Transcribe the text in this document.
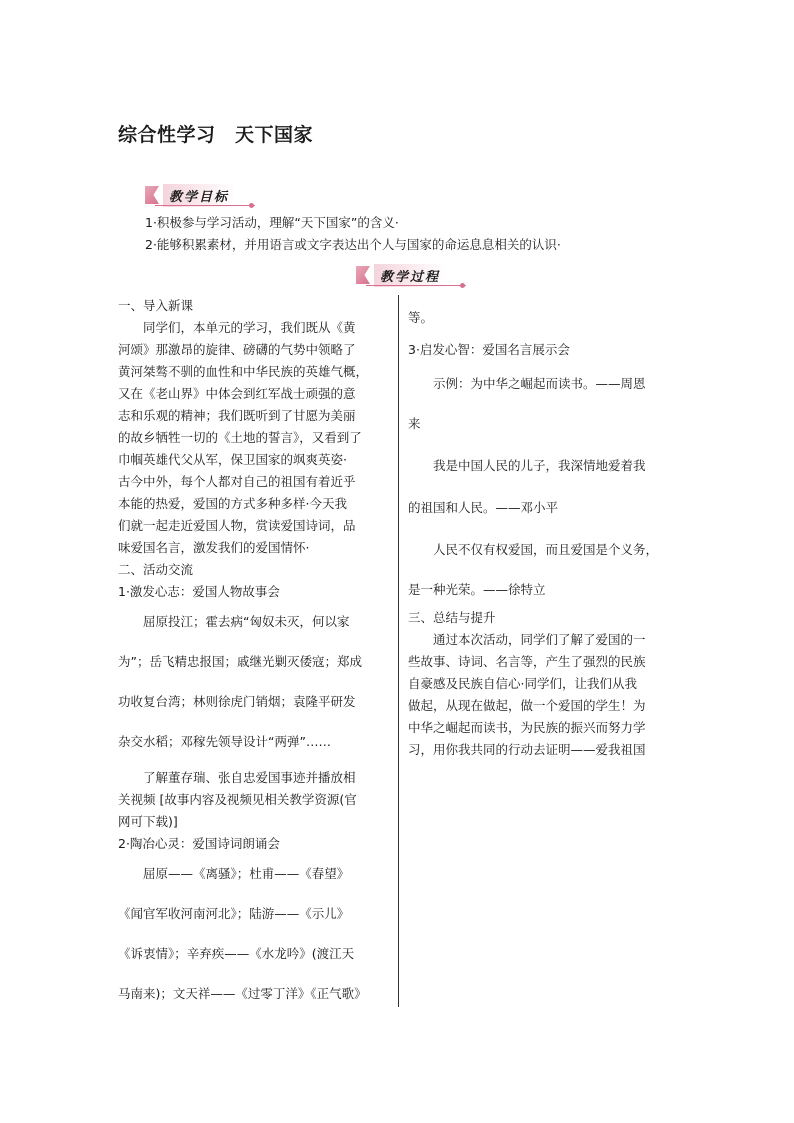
综合性学习　天下国家
教学目标
1·积极参与学习活动，理解“天下国家”的含义·
2·能够积累素材，并用语言或文字表达出个人与国家的命运息息相关的认识·
教学过程
一、导入新课
　　同学们，本单元的学习，我们既从《黄
河颂》那激昂的旋律、磅礴的气势中领略了
黄河桀骜不驯的血性和中华民族的英雄气概，
又在《老山界》中体会到红军战士顽强的意
志和乐观的精神；我们既听到了甘愿为美丽
的故乡牺牲一切的《土地的誓言》，又看到了
巾帼英雄代父从军，保卫国家的飒爽英姿·
古今中外，每个人都对自己的祖国有着近乎
本能的热爱，爱国的方式多种多样·今天我
们就一起走近爱国人物，赏读爱国诗词，品
味爱国名言，激发我们的爱国情怀·
二、活动交流
1·激发心志：爱国人物故事会
　　屈原投江；霍去病“匈奴未灭，何以家
为”；岳飞精忠报国；戚继光剿灭倭寇；郑成
功收复台湾；林则徐虎门销烟；袁隆平研发
杂交水稻；邓稼先领导设计“两弹”……
　　了解董存瑞、张自忠爱国事迹并播放相
关视频 [故事内容及视频见相关教学资源(官
网可下载)]
2·陶冶心灵：爱国诗词朗诵会
　　屈原——《离骚》；杜甫——《春望》
《闻官军收河南河北》；陆游——《示儿》
《诉衷情》；辛弃疾——《水龙吟》(渡江天
马南来)；文天祥——《过零丁洋》《正气歌》
等。
3·启发心智：爱国名言展示会
　　示例：为中华之崛起而读书。——周恩
来
　　我是中国人民的儿子，我深情地爱着我
的祖国和人民。——邓小平
　　人民不仅有权爱国，而且爱国是个义务，
是一种光荣。——徐特立
三、总结与提升
　　通过本次活动，同学们了解了爱国的一
些故事、诗词、名言等，产生了强烈的民族
自豪感及民族自信心·同学们，让我们从我
做起，从现在做起，做一个爱国的学生！为
中华之崛起而读书，为民族的振兴而努力学
习，用你我共同的行动去证明——爱我祖国
